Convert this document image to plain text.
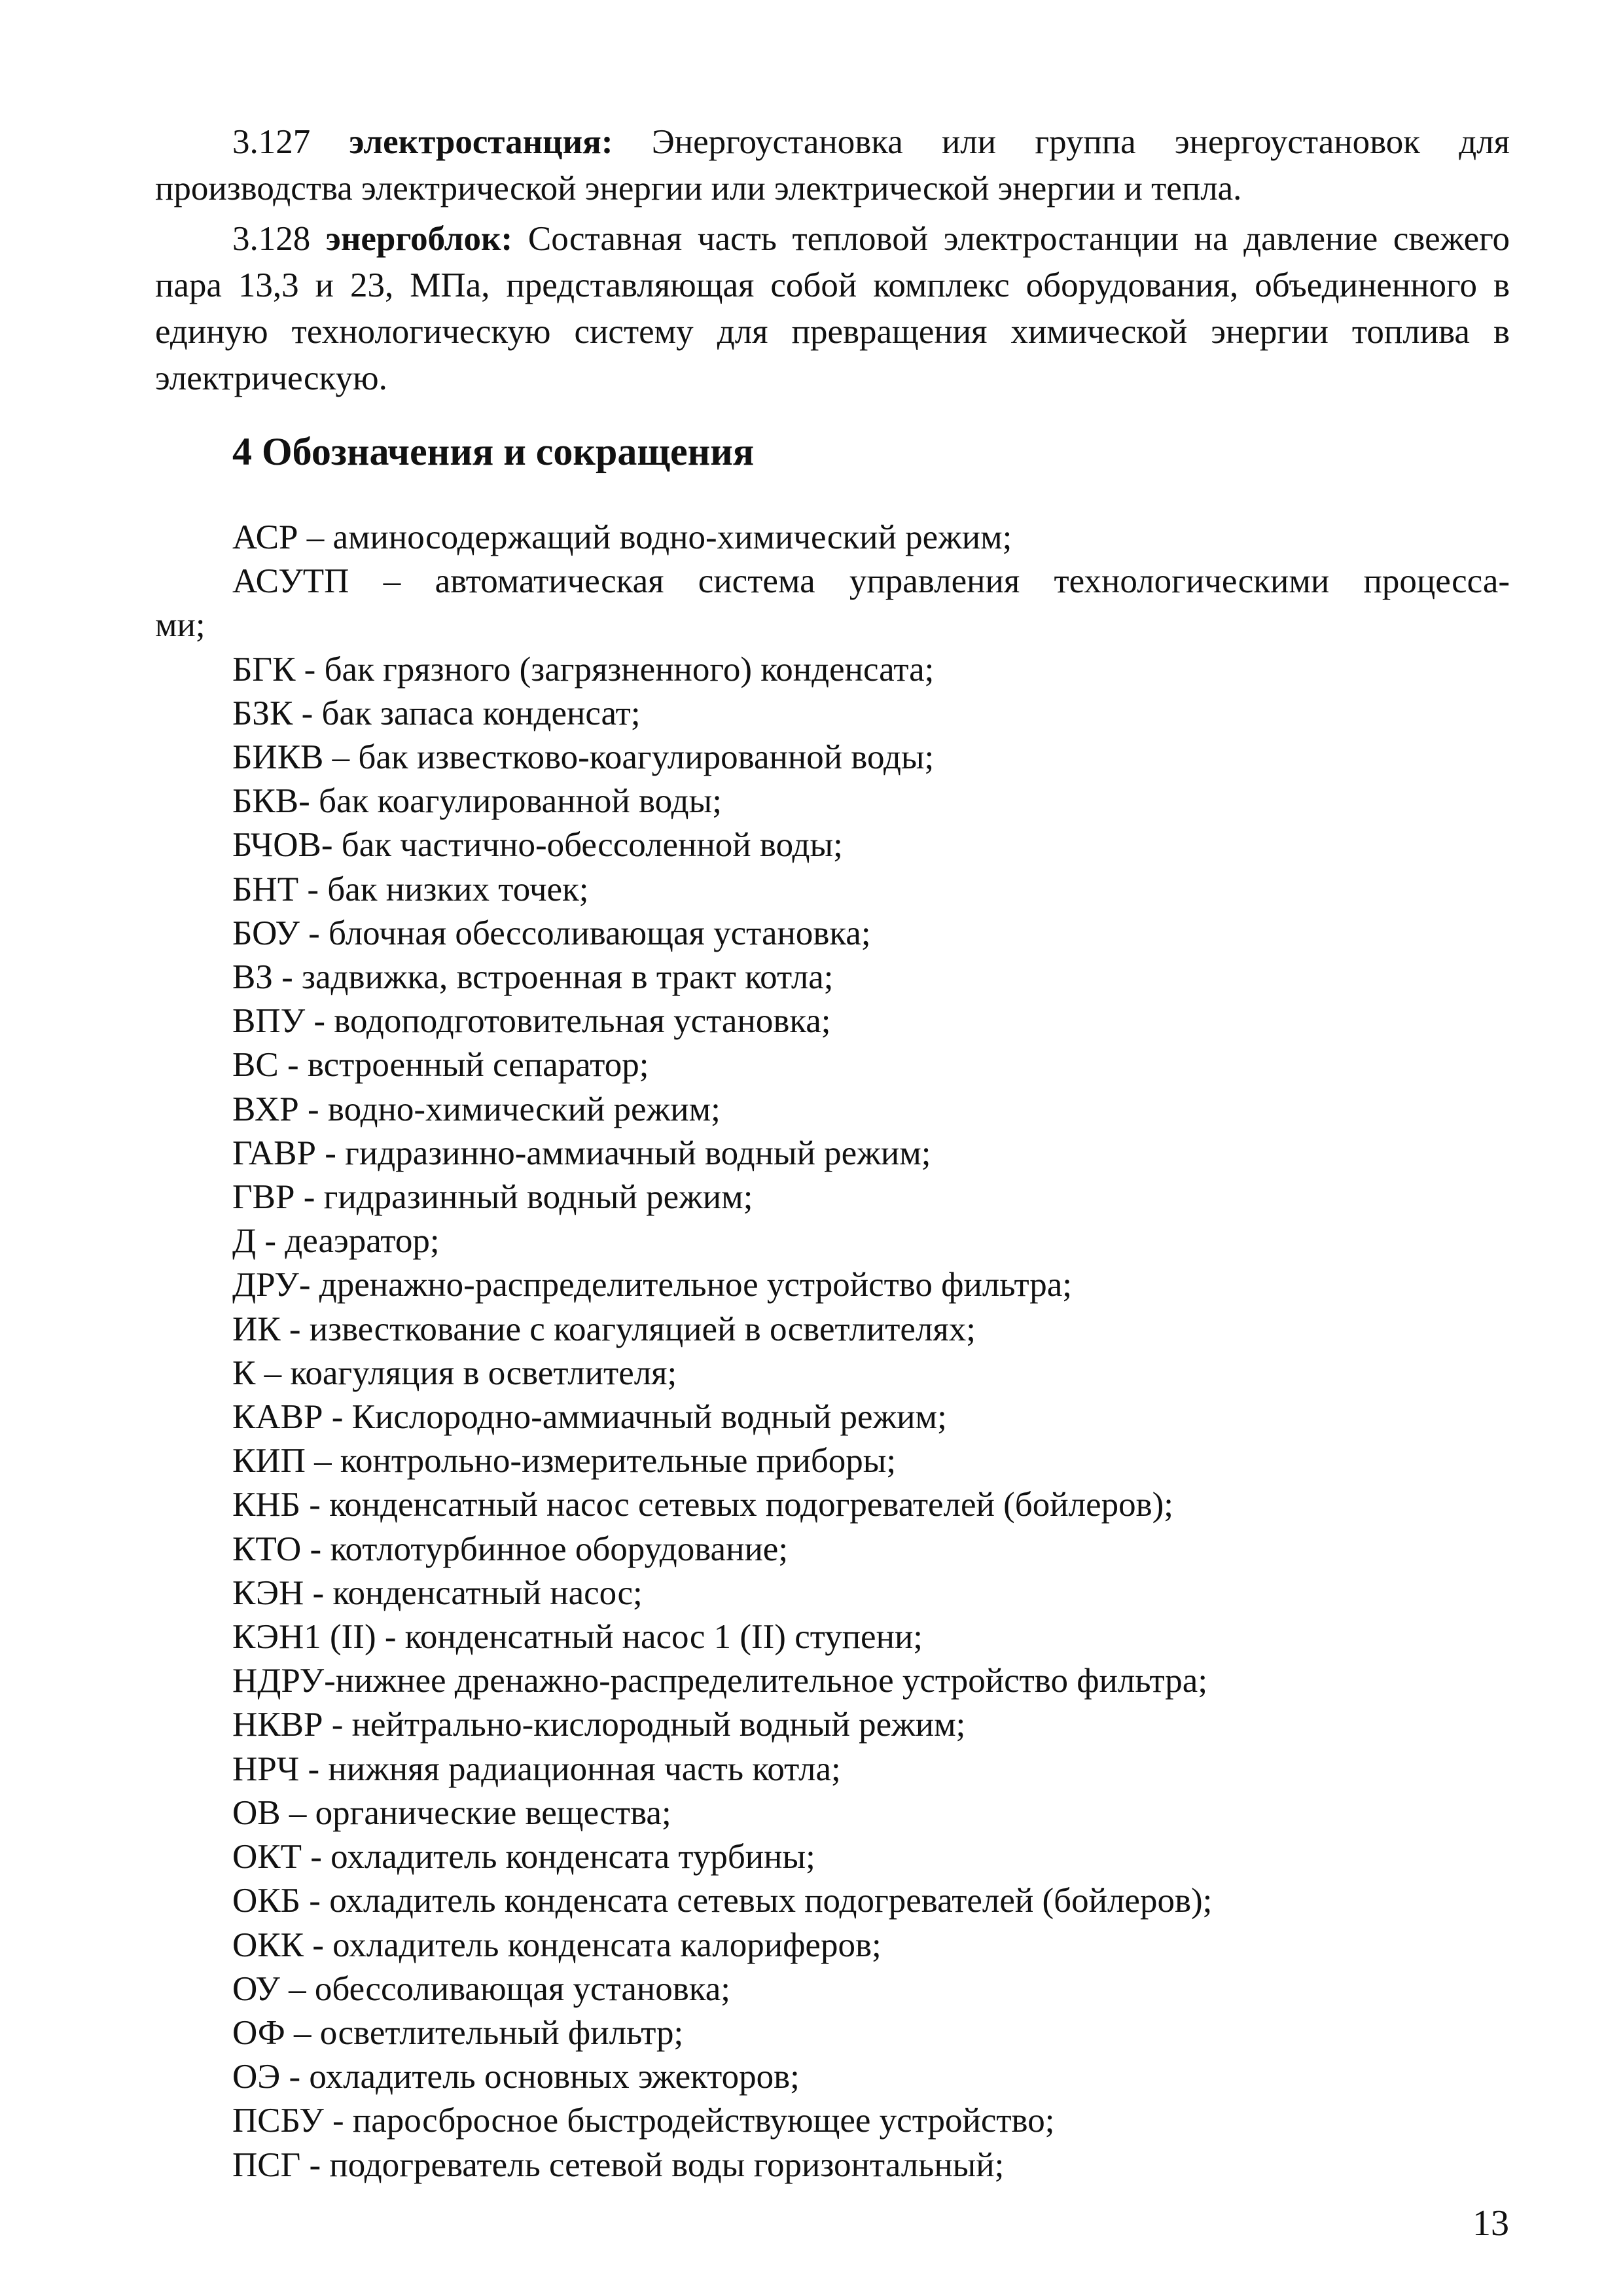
3.127 электростанция: Энергоустановка или группа энергоустановок для производства электрической энергии или электрической энергии и тепла.

3.128 энергоблок: Составная часть тепловой электростанции на давление свежего пара 13,3 и 23, МПа, представляющая собой комплекс оборудования, объединенного в единую технологическую систему для превращения химической энергии топлива в электрическую.

4 Обозначения и сокращения
АСР – аминосодержащий водно-химический режим;
АСУТП – автоматическая система управления технологическими процесса-
ми;
БГК - бак грязного (загрязненного) конденсата;
БЗК - бак запаса конденсат;
БИКВ – бак известково-коагулированной воды;
БКВ- бак коагулированной воды;
БЧОВ- бак частично-обессоленной воды;
БНТ - бак низких точек;
БОУ - блочная обессоливающая установка;
ВЗ - задвижка, встроенная в тракт котла;
ВПУ - водоподготовительная установка;
ВС - встроенный сепаратор;
ВХР - водно-химический режим;
ГАВР - гидразинно-аммиачный водный режим;
ГВР - гидразинный водный режим;
Д - деаэратор;
ДРУ- дренажно-распределительное устройство фильтра;
ИК - известкование с коагуляцией в осветлителях;
К – коагуляция в осветлителя;
КАВР - Кислородно-аммиачный водный режим;
КИП – контрольно-измерительные приборы;
КНБ - конденсатный насос сетевых подогревателей (бойлеров);
КТО - котлотурбинное оборудование;
КЭН - конденсатный насос;
КЭН1 (II) - конденсатный насос 1 (II) ступени;
НДРУ-нижнее дренажно-распределительное устройство фильтра;
НКВР - нейтрально-кислородный водный режим;
НРЧ - нижняя радиационная часть котла;
ОВ – органические вещества;
ОКТ - охладитель конденсата турбины;
ОКБ - охладитель конденсата сетевых подогревателей (бойлеров);
ОКК - охладитель конденсата калориферов;
ОУ – обессоливающая установка;
ОФ – осветлительный фильтр;
ОЭ - охладитель основных эжекторов;
ПСБУ - паросбросное быстродействующее устройство;
ПСГ - подогреватель сетевой воды горизонтальный;

13
